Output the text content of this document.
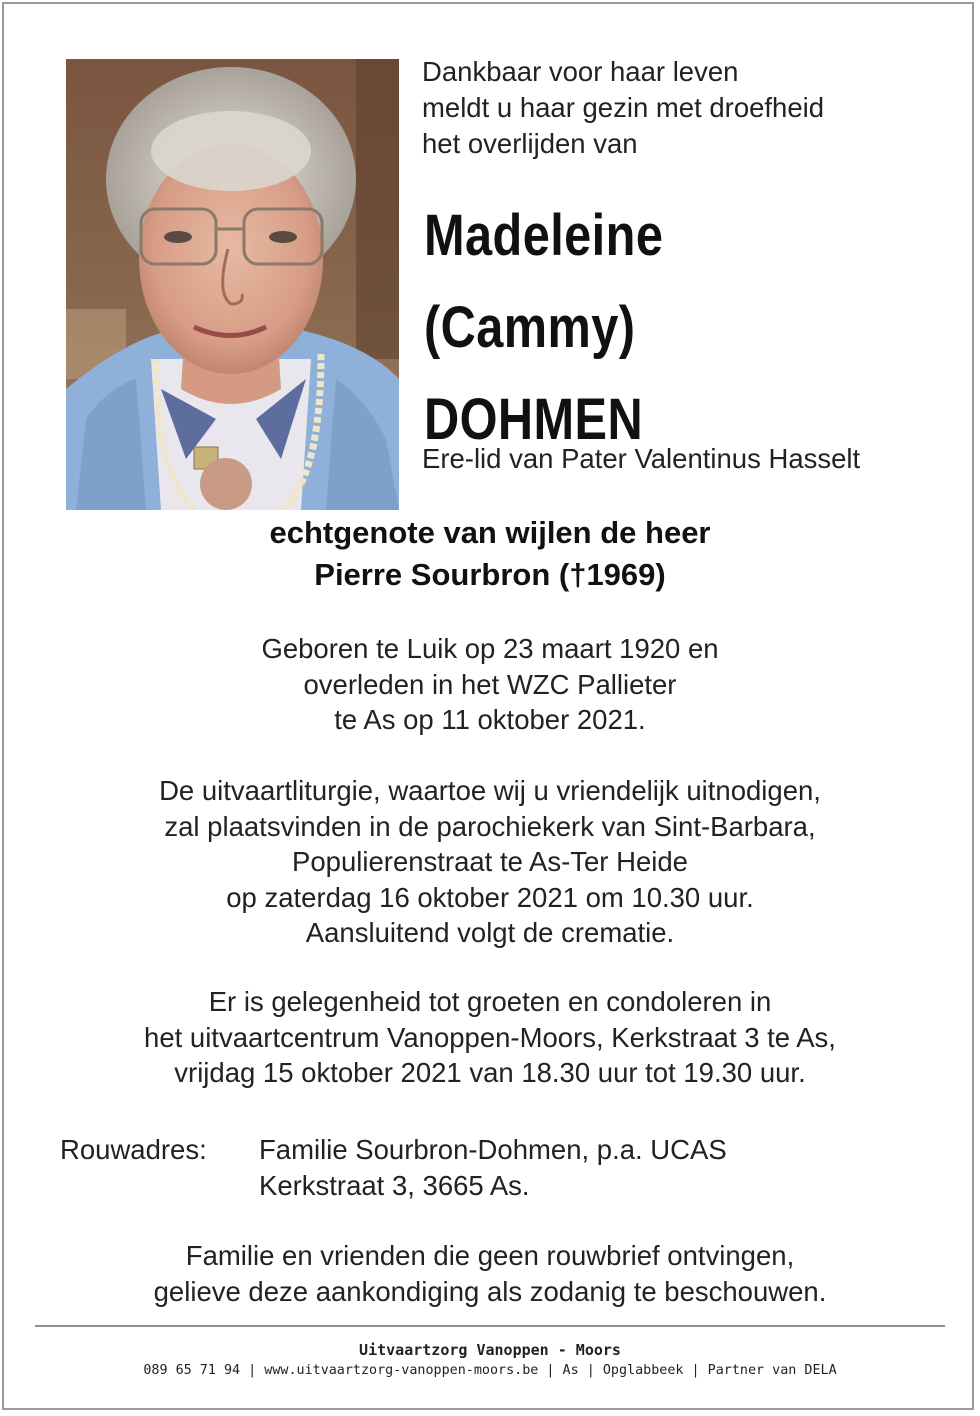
Dankbaar voor haar leven
meldt u haar gezin met droefheid
het overlijden van
Madeleine
(Cammy)
DOHMEN
Ere-lid van Pater Valentinus Hasselt
echtgenote van wijlen de heer
Pierre Sourbron (†1969)
Geboren te Luik op 23 maart 1920 en
overleden in het WZC Pallieter
te As op 11 oktober 2021.
De uitvaartliturgie, waartoe wij u vriendelijk uitnodigen,
zal plaatsvinden in de parochiekerk van Sint-Barbara,
Populierenstraat te As-Ter Heide
op zaterdag 16 oktober 2021 om 10.30 uur.
Aansluitend volgt de crematie.
Er is gelegenheid tot groeten en condoleren in
het uitvaartcentrum Vanoppen-Moors, Kerkstraat 3 te As,
vrijdag 15 oktober 2021 van 18.30 uur tot 19.30 uur.
Rouwadres: Familie Sourbron-Dohmen, p.a. UCAS
Kerkstraat 3, 3665 As.
Familie en vrienden die geen rouwbrief ontvingen,
gelieve deze aankondiging als zodanig te beschouwen.
Uitvaartzorg Vanoppen - Moors
089 65 71 94 | www.uitvaartzorg-vanoppen-moors.be | As | Opglabbeek | Partner van DELA
